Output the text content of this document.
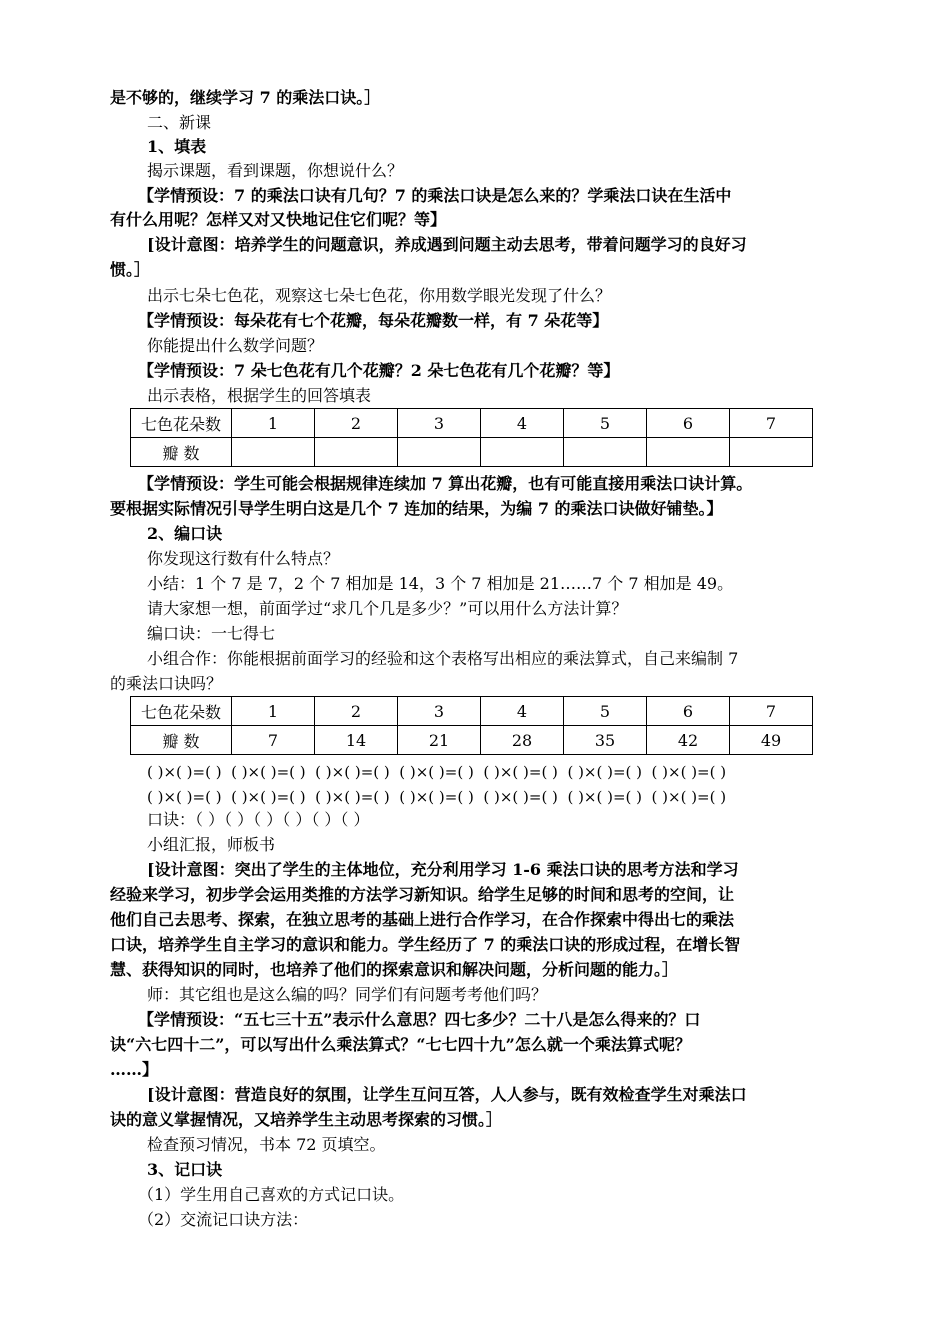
是不够的，继续学习 7 的乘法口诀。］
二、新课
1、填表
揭示课题，看到课题，你想说什么？
【学情预设：7 的乘法口诀有几句？7 的乘法口诀是怎么来的？学乘法口诀在生活中
有什么用呢？怎样又对又快地记住它们呢？等】
[设计意图：培养学生的问题意识，养成遇到问题主动去思考，带着问题学习的良好习
惯。］
出示七朵七色花，观察这七朵七色花，你用数学眼光发现了什么？
【学情预设：每朵花有七个花瓣，每朵花瓣数一样，有 7 朵花等】
你能提出什么数学问题？
【学情预设：7 朵七色花有几个花瓣？2 朵七色花有几个花瓣？等】
出示表格，根据学生的回答填表
七色花朵数	1	2	3	4	5	6	7
瓣 数							
【学情预设：学生可能会根据规律连续加 7 算出花瓣，也有可能直接用乘法口诀计算。
要根据实际情况引导学生明白这是几个 7 连加的结果，为编 7 的乘法口诀做好铺垫。】
2、编口诀
你发现这行数有什么特点？
小结：1 个 7 是 7，2 个 7 相加是 14，3 个 7 相加是 21……7 个 7 相加是 49。
请大家想一想，前面学过“求几个几是多少？”可以用什么方法计算？
编口诀：一七得七
小组合作：你能根据前面学习的经验和这个表格写出相应的乘法算式，自己来编制 7
的乘法口诀吗？
七色花朵数	1	2	3	4	5	6	7
瓣 数	7	14	21	28	35	42	49
( )×( )=( )  ( )×( )=( )  ( )×( )=( )  ( )×( )=( )  ( )×( )=( )  ( )×( )=( )  ( )×( )=( )
( )×( )=( )  ( )×( )=( )  ( )×( )=( )  ( )×( )=( )  ( )×( )=( )  ( )×( )=( )  ( )×( )=( )
口诀：（ ）（ ）（ ）（ ）（ ）（ ）
小组汇报，师板书
[设计意图：突出了学生的主体地位，充分利用学习 1-6 乘法口诀的思考方法和学习
经验来学习，初步学会运用类推的方法学习新知识。给学生足够的时间和思考的空间，让
他们自己去思考、探索，在独立思考的基础上进行合作学习，在合作探索中得出七的乘法
口诀，培养学生自主学习的意识和能力。学生经历了 7 的乘法口诀的形成过程，在增长智
慧、获得知识的同时，也培养了他们的探索意识和解决问题，分析问题的能力。］
师：其它组也是这么编的吗？同学们有问题考考他们吗？
【学情预设：“五七三十五”表示什么意思？四七多少？二十八是怎么得来的？口
诀“六七四十二”，可以写出什么乘法算式？“七七四十九”怎么就一个乘法算式呢？
……】
[设计意图：营造良好的氛围，让学生互问互答，人人参与，既有效检查学生对乘法口
诀的意义掌握情况，又培养学生主动思考探索的习惯。］
检查预习情况，书本 72 页填空。
3、记口诀
（1）学生用自己喜欢的方式记口诀。
（2）交流记口诀方法：
